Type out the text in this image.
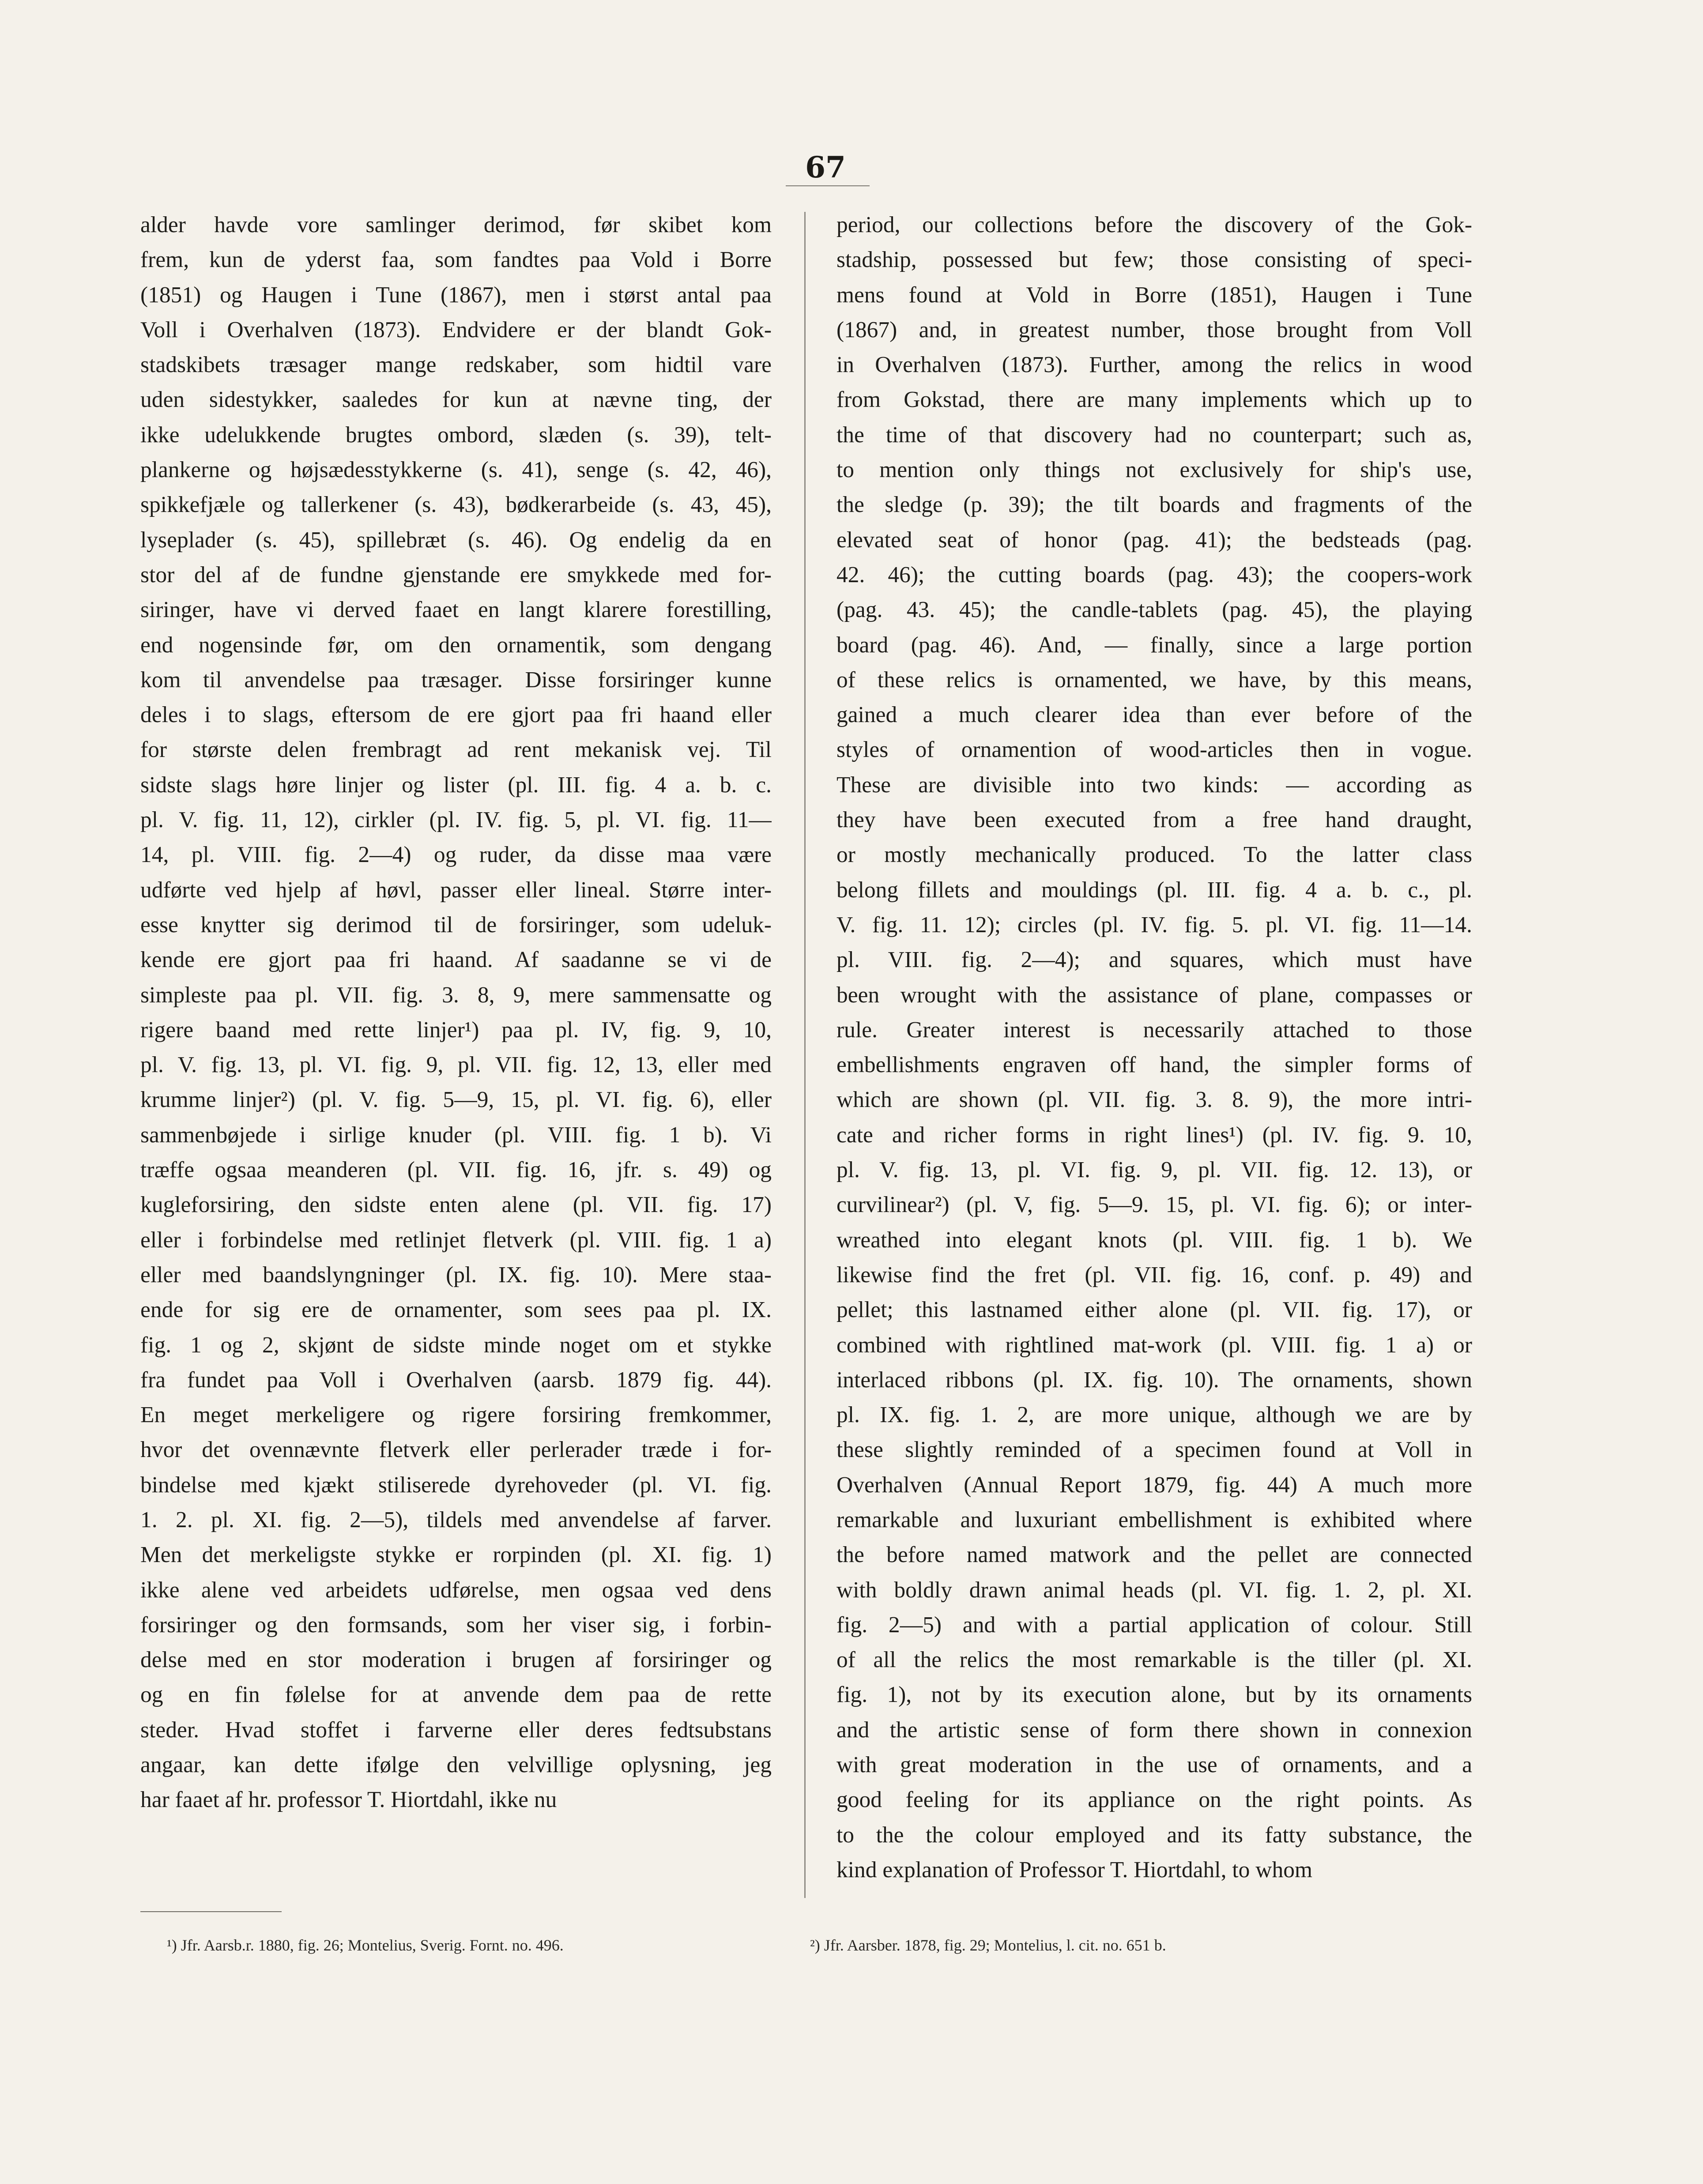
67
alder havde vore samlinger derimod, før skibet kom
frem, kun de yderst faa, som fandtes paa Vold i Borre
(1851) og Haugen i Tune (1867), men i størst antal paa
Voll i Overhalven (1873). Endvidere er der blandt Gok-
stadskibets træsager mange redskaber, som hidtil vare
uden sidestykker, saaledes for kun at nævne ting, der
ikke udelukkende brugtes ombord, slæden (s. 39), telt-
plankerne og højsædesstykkerne (s. 41), senge (s. 42, 46),
spikkefjæle og tallerkener (s. 43), bødkerarbeide (s. 43, 45),
lyseplader (s. 45), spillebræt (s. 46). Og endelig da en
stor del af de fundne gjenstande ere smykkede med for-
siringer, have vi derved faaet en langt klarere forestilling,
end nogensinde før, om den ornamentik, som dengang
kom til anvendelse paa træsager. Disse forsiringer kunne
deles i to slags, eftersom de ere gjort paa fri haand eller
for største delen frembragt ad rent mekanisk vej. Til
sidste slags høre linjer og lister (pl. III. fig. 4 a. b. c.
pl. V. fig. 11, 12), cirkler (pl. IV. fig. 5, pl. VI. fig. 11—
14, pl. VIII. fig. 2—4) og ruder, da disse maa være
udførte ved hjelp af høvl, passer eller lineal. Større inter-
esse knytter sig derimod til de forsiringer, som udeluk-
kende ere gjort paa fri haand. Af saadanne se vi de
simpleste paa pl. VII. fig. 3. 8, 9, mere sammensatte og
rigere baand med rette linjer¹) paa pl. IV, fig. 9, 10,
pl. V. fig. 13, pl. VI. fig. 9, pl. VII. fig. 12, 13, eller med
krumme linjer²) (pl. V. fig. 5—9, 15, pl. VI. fig. 6), eller
sammenbøjede i sirlige knuder (pl. VIII. fig. 1 b). Vi
træffe ogsaa meanderen (pl. VII. fig. 16, jfr. s. 49) og
kugleforsiring, den sidste enten alene (pl. VII. fig. 17)
eller i forbindelse med retlinjet fletverk (pl. VIII. fig. 1 a)
eller med baandslyngninger (pl. IX. fig. 10). Mere staa-
ende for sig ere de ornamenter, som sees paa pl. IX.
fig. 1 og 2, skjønt de sidste minde noget om et stykke
fra fundet paa Voll i Overhalven (aarsb. 1879 fig. 44).
En meget merkeligere og rigere forsiring fremkommer,
hvor det ovennævnte fletverk eller perlerader træde i for-
bindelse med kjækt stiliserede dyrehoveder (pl. VI. fig.
1. 2. pl. XI. fig. 2—5), tildels med anvendelse af farver.
Men det merkeligste stykke er rorpinden (pl. XI. fig. 1)
ikke alene ved arbeidets udførelse, men ogsaa ved dens
forsiringer og den formsands, som her viser sig, i forbin-
delse med en stor moderation i brugen af forsiringer og
og en fin følelse for at anvende dem paa de rette
steder. Hvad stoffet i farverne eller deres fedtsubstans
angaar, kan dette ifølge den velvillige oplysning, jeg
har faaet af hr. professor T. Hiortdahl, ikke nu
period, our collections before the discovery of the Gok-
stadship, possessed but few; those consisting of speci-
mens found at Vold in Borre (1851), Haugen i Tune
(1867) and, in greatest number, those brought from Voll
in Overhalven (1873). Further, among the relics in wood
from Gokstad, there are many implements which up to
the time of that discovery had no counterpart; such as,
to mention only things not exclusively for ship's use,
the sledge (p. 39); the tilt boards and fragments of the
elevated seat of honor (pag. 41); the bedsteads (pag.
42. 46); the cutting boards (pag. 43); the coopers-work
(pag. 43. 45); the candle-tablets (pag. 45), the playing
board (pag. 46). And, — finally, since a large portion
of these relics is ornamented, we have, by this means,
gained a much clearer idea than ever before of the
styles of ornamention of wood-articles then in vogue.
These are divisible into two kinds: — according as
they have been executed from a free hand draught,
or mostly mechanically produced. To the latter class
belong fillets and mouldings (pl. III. fig. 4 a. b. c., pl.
V. fig. 11. 12); circles (pl. IV. fig. 5. pl. VI. fig. 11—14.
pl. VIII. fig. 2—4); and squares, which must have
been wrought with the assistance of plane, compasses or
rule. Greater interest is necessarily attached to those
embellishments engraven off hand, the simpler forms of
which are shown (pl. VII. fig. 3. 8. 9), the more intri-
cate and richer forms in right lines¹) (pl. IV. fig. 9. 10,
pl. V. fig. 13, pl. VI. fig. 9, pl. VII. fig. 12. 13), or
curvilinear²) (pl. V, fig. 5—9. 15, pl. VI. fig. 6); or inter-
wreathed into elegant knots (pl. VIII. fig. 1 b). We
likewise find the fret (pl. VII. fig. 16, conf. p. 49) and
pellet; this lastnamed either alone (pl. VII. fig. 17), or
combined with rightlined mat-work (pl. VIII. fig. 1 a) or
interlaced ribbons (pl. IX. fig. 10). The ornaments, shown
pl. IX. fig. 1. 2, are more unique, although we are by
these slightly reminded of a specimen found at Voll in
Overhalven (Annual Report 1879, fig. 44) A much more
remarkable and luxuriant embellishment is exhibited where
the before named matwork and the pellet are connected
with boldly drawn animal heads (pl. VI. fig. 1. 2, pl. XI.
fig. 2—5) and with a partial application of colour. Still
of all the relics the most remarkable is the tiller (pl. XI.
fig. 1), not by its execution alone, but by its ornaments
and the artistic sense of form there shown in connexion
with great moderation in the use of ornaments, and a
good feeling for its appliance on the right points. As
to the the colour employed and its fatty substance, the
kind explanation of Professor T. Hiortdahl, to whom
¹) Jfr. Aarsb.r. 1880, fig. 26; Montelius, Sverig. Fornt. no. 496.	²) Jfr. Aarsber. 1878, fig. 29; Montelius, l. cit. no. 651 b.
